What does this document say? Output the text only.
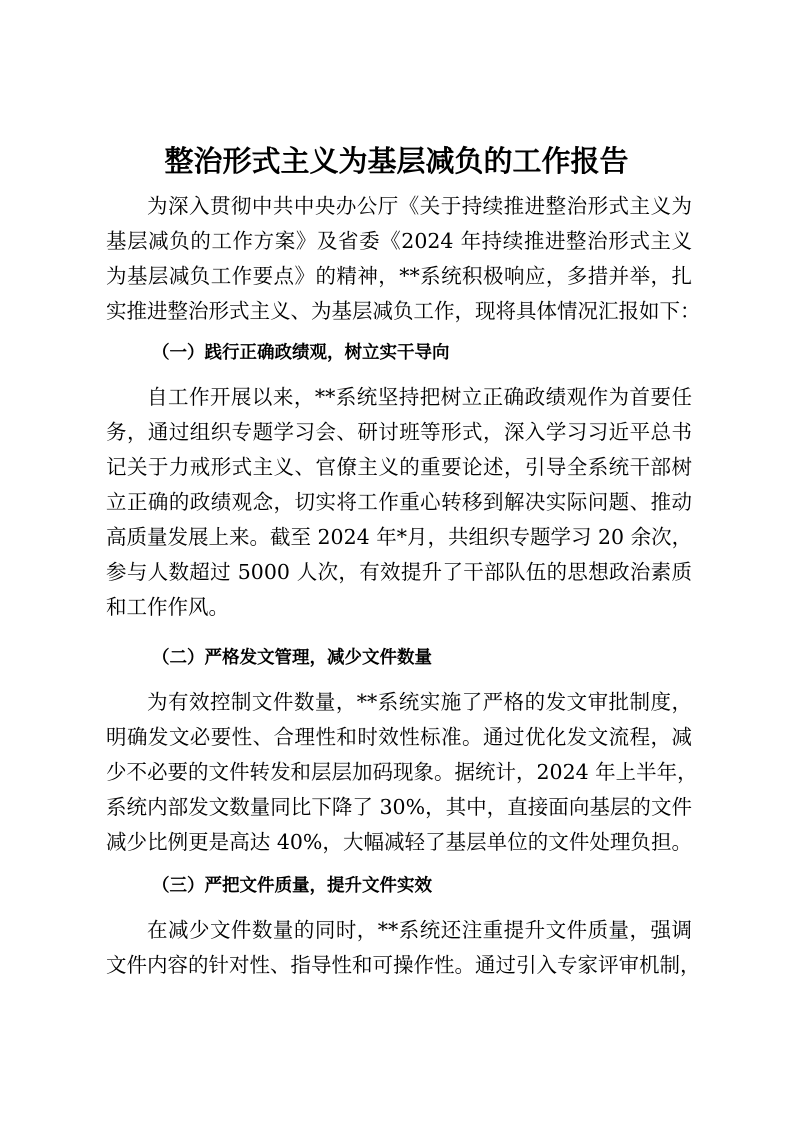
整治形式主义为基层减负的工作报告
为深入贯彻中共中央办公厅《关于持续推进整治形式主义为
基层减负的工作方案》及省委《2024 年持续推进整治形式主义
为基层减负工作要点》的精神，**系统积极响应，多措并举，扎
实推进整治形式主义、为基层减负工作，现将具体情况汇报如下：
（一）践行正确政绩观，树立实干导向
自工作开展以来，**系统坚持把树立正确政绩观作为首要任
务，通过组织专题学习会、研讨班等形式，深入学习习近平总书
记关于力戒形式主义、官僚主义的重要论述，引导全系统干部树
立正确的政绩观念，切实将工作重心转移到解决实际问题、推动
高质量发展上来。截至 2024 年*月，共组织专题学习 20 余次，
参与人数超过 5000 人次，有效提升了干部队伍的思想政治素质
和工作作风。
（二）严格发文管理，减少文件数量
为有效控制文件数量，**系统实施了严格的发文审批制度，
明确发文必要性、合理性和时效性标准。通过优化发文流程，减
少不必要的文件转发和层层加码现象。据统计，2024 年上半年，
系统内部发文数量同比下降了 30%，其中，直接面向基层的文件
减少比例更是高达 40%，大幅减轻了基层单位的文件处理负担。
（三）严把文件质量，提升文件实效
在减少文件数量的同时，**系统还注重提升文件质量，强调
文件内容的针对性、指导性和可操作性。通过引入专家评审机制，
